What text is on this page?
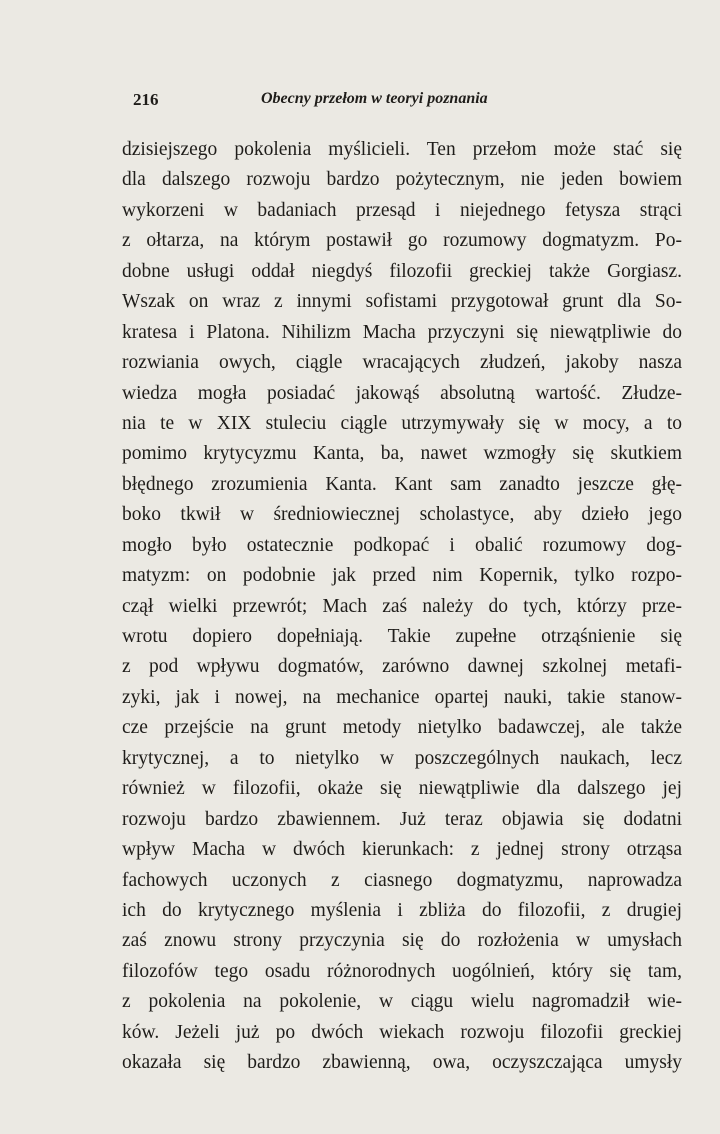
216	Obecny przełom w teoryi poznania
dzisiejszego pokolenia myślicieli. Ten przełom może stać się
dla dalszego rozwoju bardzo pożytecznym, nie jeden bowiem
wykorzeni w badaniach przesąd i niejednego fetysza strąci
z ołtarza, na którym postawił go rozumowy dogmatyzm. Po-
dobne usługi oddał niegdyś filozofii greckiej także Gorgiasz.
Wszak on wraz z innymi sofistami przygotował grunt dla So-
kratesa i Platona. Nihilizm Macha przyczyni się niewątpliwie do
rozwiania owych, ciągle wracających złudzeń, jakoby nasza
wiedza mogła posiadać jakowąś absolutną wartość. Złudze-
nia te w XIX stuleciu ciągle utrzymywały się w mocy, a to
pomimo krytycyzmu Kanta, ba, nawet wzmogły się skutkiem
błędnego zrozumienia Kanta. Kant sam zanadto jeszcze głę-
boko tkwił w średniowiecznej scholastyce, aby dzieło jego
mogło było ostatecznie podkopać i obalić rozumowy dog-
matyzm: on podobnie jak przed nim Kopernik, tylko rozpo-
czął wielki przewrót; Mach zaś należy do tych, którzy prze-
wrotu dopiero dopełniają. Takie zupełne otrząśnienie się
z pod wpływu dogmatów, zarówno dawnej szkolnej metafi-
zyki, jak i nowej, na mechanice opartej nauki, takie stanow-
cze przejście na grunt metody nietylko badawczej, ale także
krytycznej, a to nietylko w poszczególnych naukach, lecz
również w filozofii, okaże się niewątpliwie dla dalszego jej
rozwoju bardzo zbawiennem. Już teraz objawia się dodatni
wpływ Macha w dwóch kierunkach: z jednej strony otrząsa
fachowych uczonych z ciasnego dogmatyzmu, naprowadza
ich do krytycznego myślenia i zbliża do filozofii, z drugiej
zaś znowu strony przyczynia się do rozłożenia w umysłach
filozofów tego osadu różnorodnych uogólnień, który się tam,
z pokolenia na pokolenie, w ciągu wielu nagromadził wie-
ków. Jeżeli już po dwóch wiekach rozwoju filozofii greckiej
okazała się bardzo zbawienną, owa, oczyszczająca umysły
